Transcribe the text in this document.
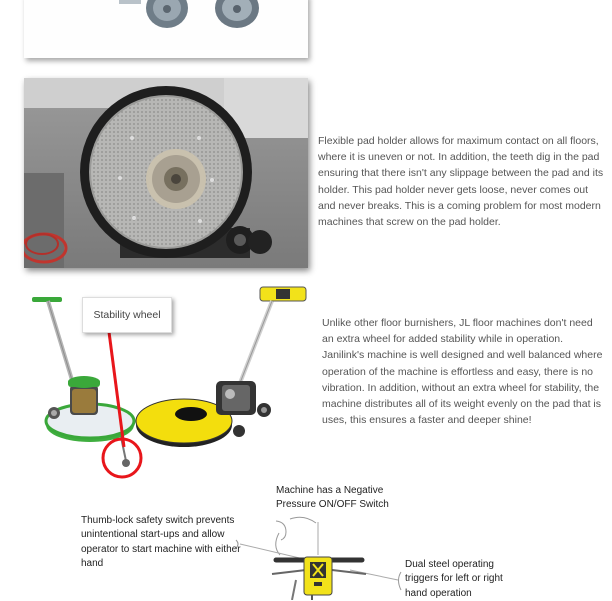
Flexible pad holder allows for maximum contact on all floors, where it is uneven or not. In addition, the teeth dig in the pad ensuring that there isn't any slippage between the pad and its holder. This pad holder never gets loose, never comes out and never breaks. This is a coming problem for most modern machines that screw on the pad holder.
Stability wheel
Unlike other floor burnishers, JL floor machines don't need an extra wheel for added stability while in operation. Janilink's machine is well designed and well balanced where operation of the machine is effortless and easy, there is no vibration. In addition, without an extra wheel for stability, the machine distributes all of its weight evenly on the pad that is uses, this ensures a faster and deeper shine!
Machine has a Negative Pressure ON/OFF Switch
Thumb-lock safety switch prevents unintentional start-ups and allow operator to start machine with either hand	Dual steel operating triggers for left or right hand operation
